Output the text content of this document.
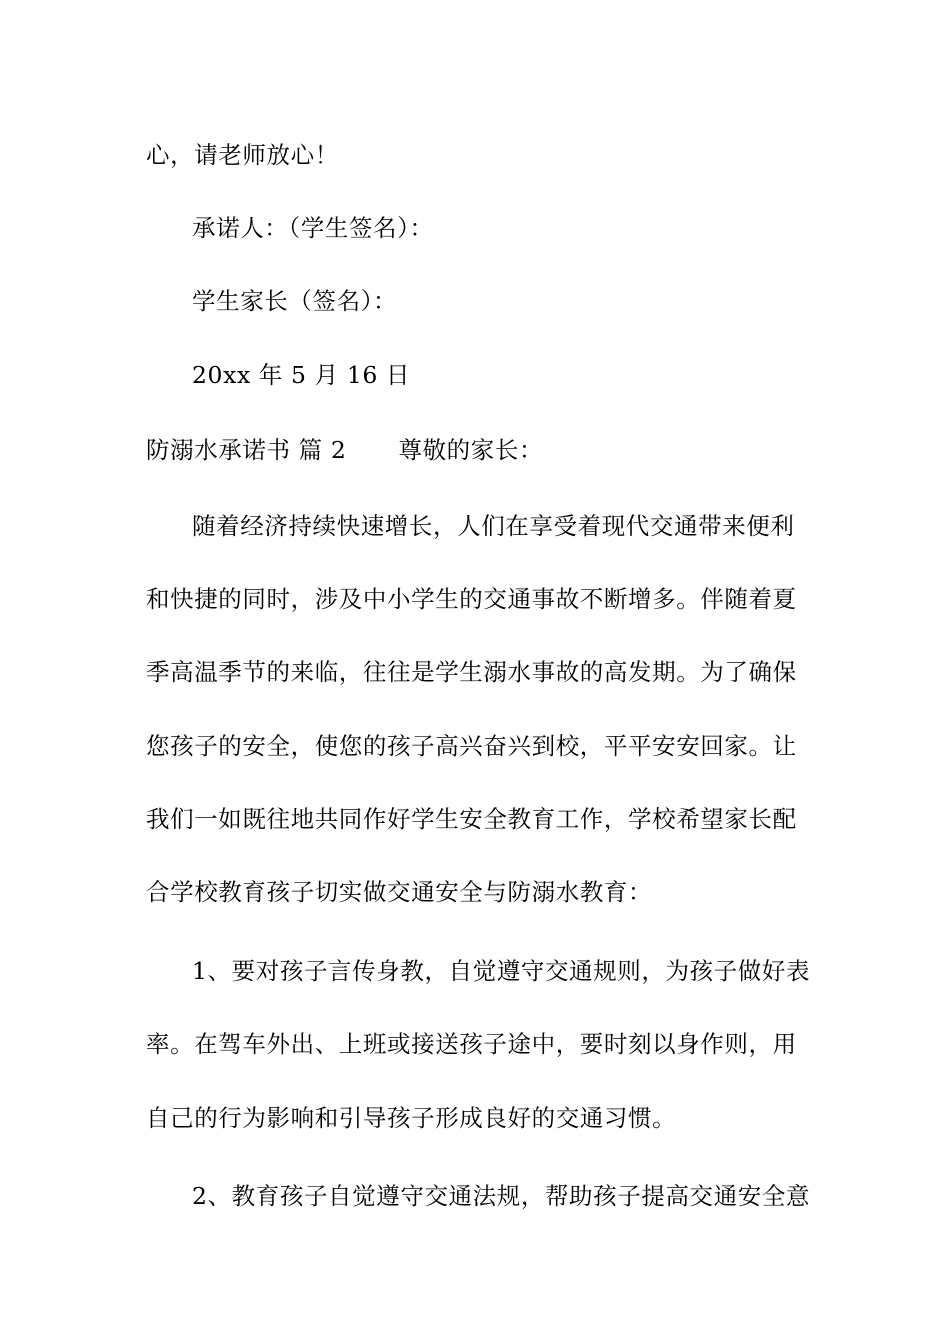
心，请老师放心！
承诺人：（学生签名）：
学生家长（签名）：
20xx 年 5 月 16 日
防溺水承诺书 篇 2 尊敬的家长：
随着经济持续快速增长，人们在享受着现代交通带来便利
和快捷的同时，涉及中小学生的交通事故不断增多。伴随着夏
季高温季节的来临，往往是学生溺水事故的高发期。为了确保
您孩子的安全，使您的孩子高兴奋兴到校，平平安安回家。让
我们一如既往地共同作好学生安全教育工作，学校希望家长配
合学校教育孩子切实做交通安全与防溺水教育：
1、要对孩子言传身教，自觉遵守交通规则，为孩子做好表
率。在驾车外出、上班或接送孩子途中，要时刻以身作则，用
自己的行为影响和引导孩子形成良好的交通习惯。
2、教育孩子自觉遵守交通法规，帮助孩子提高交通安全意
